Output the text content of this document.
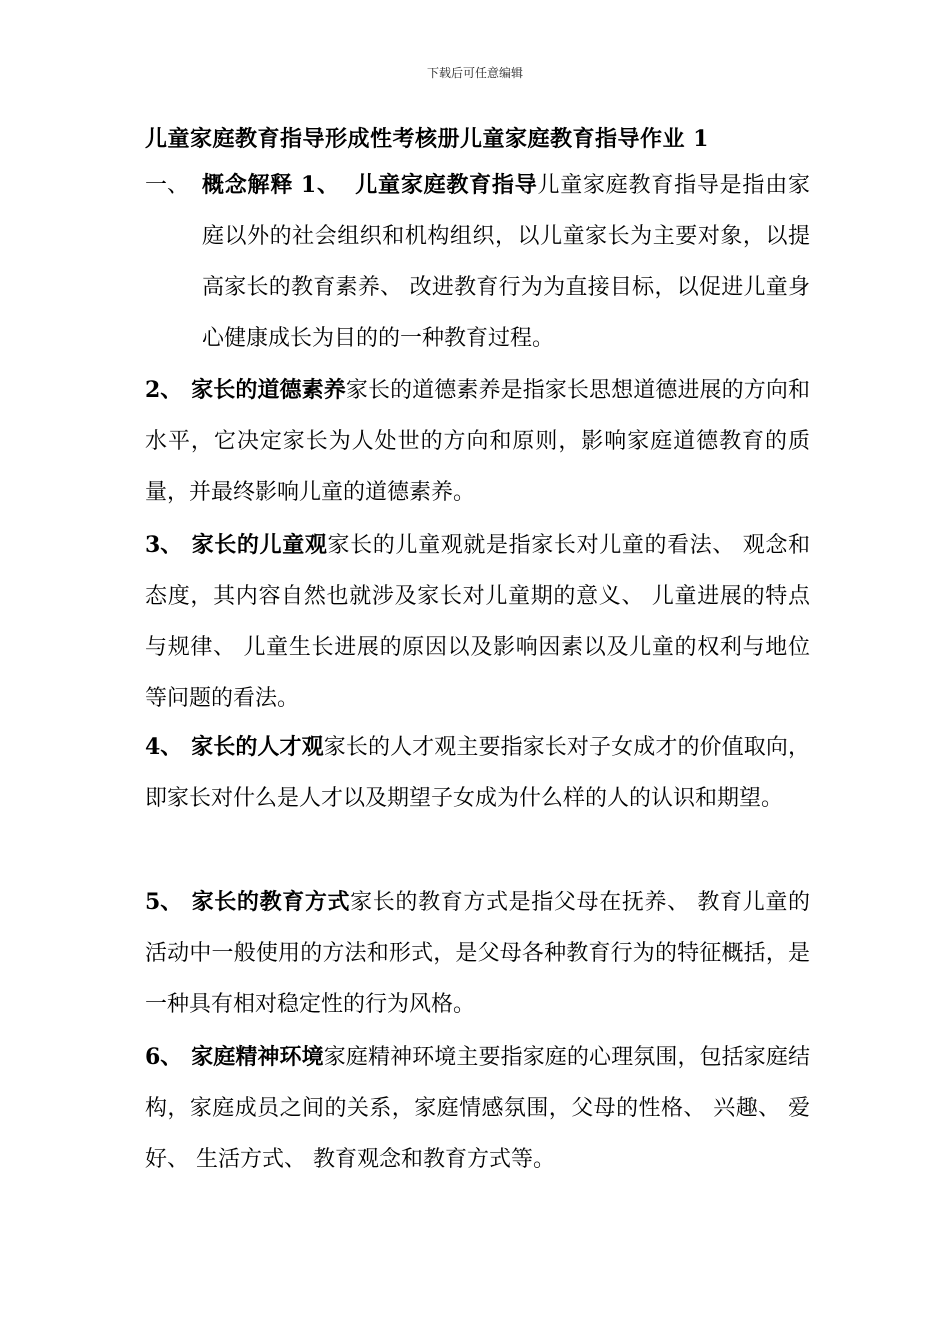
下载后可任意编辑
儿童家庭教育指导形成性考核册儿童家庭教育指导作业 1
一、 概念解释 1、 儿童家庭教育指导儿童家庭教育指导是指由家庭以外的社会组织和机构组织，以儿童家长为主要对象，以提高家长的教育素养、 改进教育行为为直接目标，以促进儿童身心健康成长为目的的一种教育过程。
2、 家长的道德素养家长的道德素养是指家长思想道德进展的方向和水平，它决定家长为人处世的方向和原则，影响家庭道德教育的质量，并最终影响儿童的道德素养。
3、 家长的儿童观家长的儿童观就是指家长对儿童的看法、 观念和态度，其内容自然也就涉及家长对儿童期的意义、 儿童进展的特点与规律、 儿童生长进展的原因以及影响因素以及儿童的权利与地位等问题的看法。
4、 家长的人才观家长的人才观主要指家长对子女成才的价值取向，即家长对什么是人才以及期望子女成为什么样的人的认识和期望。
5、 家长的教育方式家长的教育方式是指父母在抚养、 教育儿童的活动中一般使用的方法和形式，是父母各种教育行为的特征概括，是一种具有相对稳定性的行为风格。
6、 家庭精神环境家庭精神环境主要指家庭的心理氛围，包括家庭结构，家庭成员之间的关系，家庭情感氛围，父母的性格、 兴趣、 爱好、 生活方式、 教育观念和教育方式等。
